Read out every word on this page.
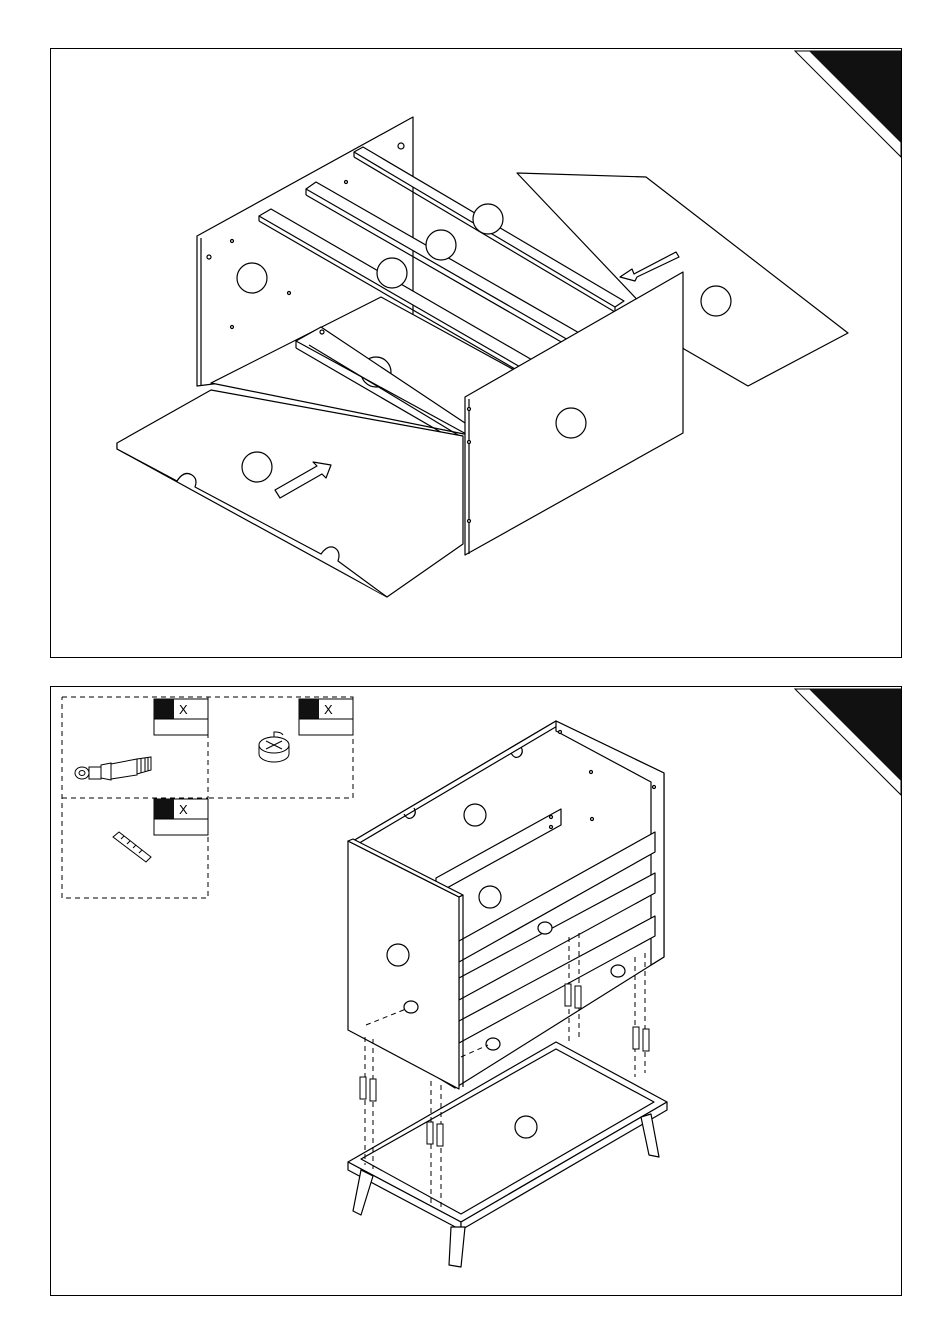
X	X
X
